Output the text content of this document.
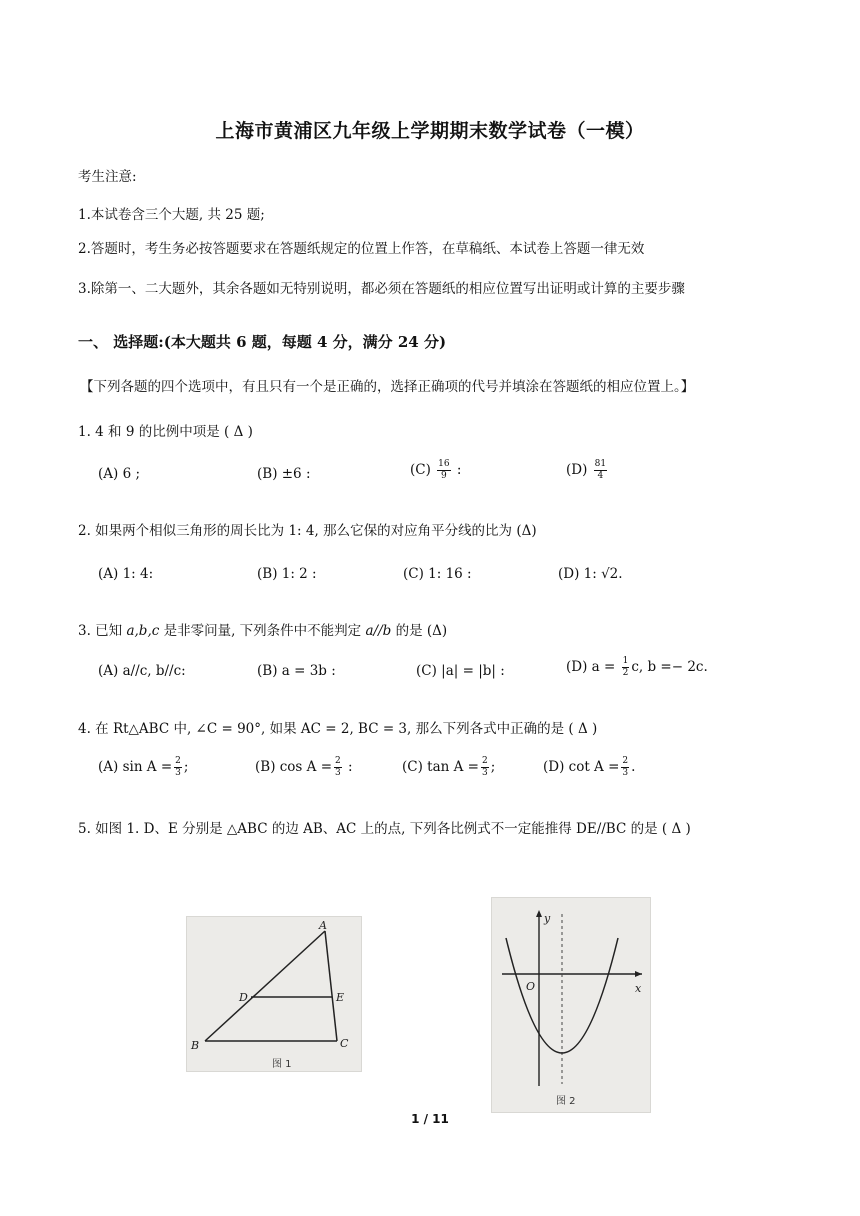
上海市黄浦区九年级上学期期末数学试卷（一模）
考生注意:
1.本试卷含三个大题, 共 25 题;
2.答题时，考生务必按答题要求在答题纸规定的位置上作答，在草稿纸、本试卷上答题一律无效
3.除第一、二大题外，其余各题如无特别说明，都必须在答题纸的相应位置写出证明或计算的主要步骤
一、 选择题:(本大题共 6 题，每题 4 分，满分 24 分)
【下列各题的四个选项中，有且只有一个是正确的，选择正确项的代号并填涂在答题纸的相应位置上。】
1. 4 和 9 的比例中项是 ( Δ )
(A) 6 ;	(B) ±6 :	$(C) \frac{16}{9}$ :	$(D) \frac{81}{4}$
2. 如果两个相似三角形的周长比为 1: 4, 那么它保的对应角平分线的比为 (Δ)
(A) 1: 4:	(B) 1: 2 :	(C) 1: 16 :	(D) 1: √2.
3. 已知 a,b,c 是非零问量, 下列条件中不能判定 a//b 的是 (Δ)
(A) a//c, b//c:	(B) a = 3b :	(C) |a| = |b| :	(D) $a = \frac{1}{2} c$, b =− 2c.
4. 在 Rt△ABC 中, ∠C = 90°, 如果 AC = 2, BC = 3, 那么下列各式中正确的是 ( Δ )
(A) $\sin A = \frac{2}{3}$ ;	(B) $\cos A = \frac{2}{3}$ :	(C) $\tan A = \frac{2}{3}$ ;	(D) $\cot A = \frac{2}{3}$ .
5. 如图 1. D、E 分别是 △ABC 的边 AB、AC 上的点, 下列各比例式不一定能推得 DE//BC 的是 ( Δ )
A
B	C
D	E
图 1
y
x
O
图 2
1 / 11
